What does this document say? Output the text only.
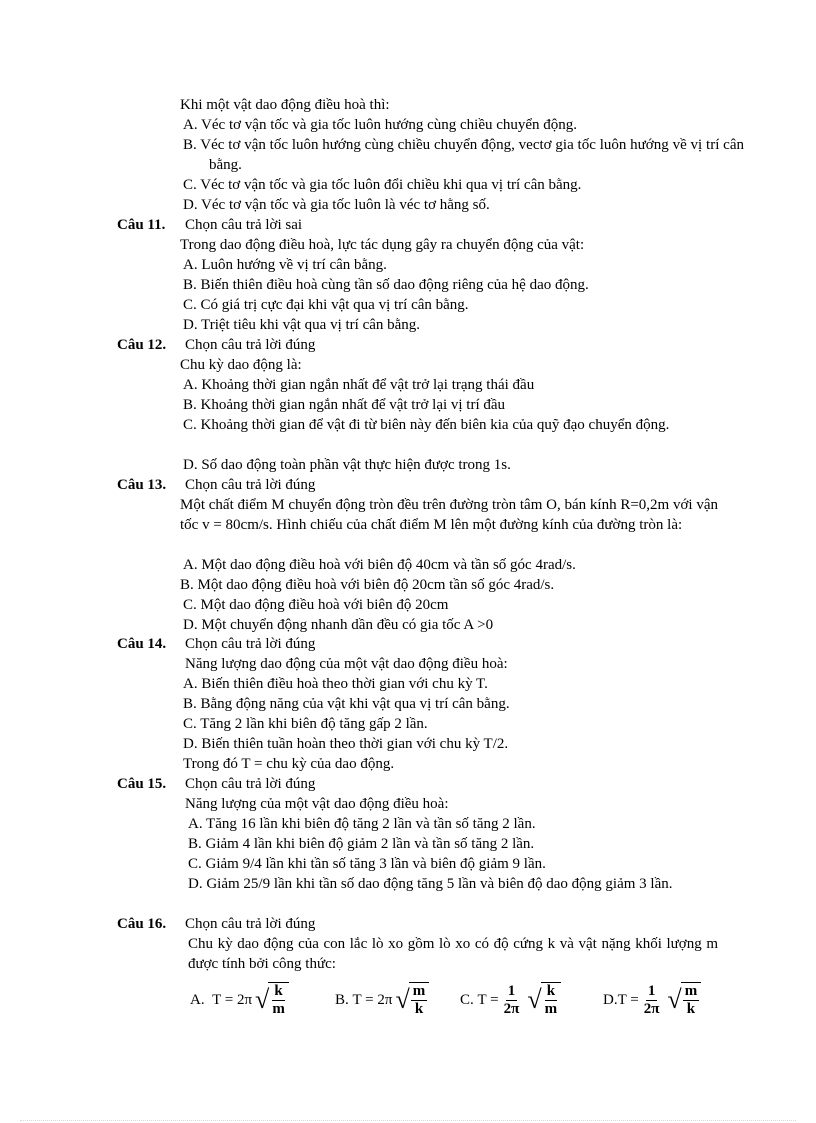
Khi một vật dao động điều hoà thì:
A. Véc tơ vận tốc và gia tốc luôn hướng cùng chiều chuyển động.
B. Véc tơ vận tốc luôn hướng cùng chiều chuyển động, vectơ gia tốc luôn hướng về vị trí cân bằng.
C. Véc tơ vận tốc và gia tốc luôn đổi chiều khi qua vị trí cân bằng.
D. Véc tơ vận tốc và gia tốc luôn là véc tơ hằng số.
Câu 11. Chọn câu trả lời sai
Trong dao động điều hoà, lực tác dụng gây ra chuyển động của vật:
A. Luôn hướng về vị trí cân bằng.
B. Biến thiên điều hoà cùng tần số dao động riêng của hệ dao động.
C. Có giá trị cực đại khi vật qua vị trí cân bằng.
D. Triệt tiêu khi vật qua vị trí cân bằng.
Câu 12. Chọn câu trả lời đúng
Chu kỳ dao động là:
A. Khoảng thời gian ngắn nhất để vật trở lại trạng thái đầu
B. Khoảng thời gian ngắn nhất để vật trở lại vị trí đầu
C. Khoảng thời gian để vật đi từ biên này đến biên kia của quỹ đạo chuyển động.
D. Số dao động toàn phần vật thực hiện được trong 1s.
Câu 13. Chọn câu trả lời đúng
Một chất điểm M chuyển động tròn đều trên đường tròn tâm O, bán kính R=0,2m với vận tốc v = 80cm/s. Hình chiếu của chất điểm M lên một đường kính của đường tròn là:
A. Một dao động điều hoà với biên độ 40cm và tần số góc 4rad/s.
B. Một dao động điều hoà với biên độ 20cm tần số góc 4rad/s.
C. Một dao động điều hoà với biên độ 20cm
D. Một chuyển động nhanh dần đều có gia tốc A >0
Câu 14. Chọn câu trả lời đúng
Năng lượng dao động của một vật dao động điều hoà:
A. Biến thiên điều hoà theo thời gian với chu kỳ T.
B. Bằng động năng của vật khi vật qua vị trí cân bằng.
C. Tăng 2 lần khi biên độ tăng gấp 2 lần.
D. Biến thiên tuần hoàn theo thời gian với chu kỳ T/2.
Trong đó T = chu kỳ của dao động.
Câu 15. Chọn câu trả lời đúng
Năng lượng của một vật dao động điều hoà:
A. Tăng 16 lần khi biên độ tăng 2 lần và tần số tăng 2 lần.
B. Giảm 4 lần khi biên độ giảm 2 lần và tần số tăng 2 lần.
C. Giảm 9/4 lần khi tần số tăng 3 lần và biên độ giảm 9 lần.
D. Giảm 25/9 lần khi tần số dao động tăng 5 lần và biên độ dao động giảm 3 lần.
Câu 16. Chọn câu trả lời đúng
Chu kỳ dao động của con lắc lò xo gồm lò xo có độ cứng k và vật nặng khối lượng m được tính bởi công thức:
A.
T = 2π √ $\frac{k}{m}$	B.
T = 2π √ $\frac{m}{k} C$.
$T = \frac{1}{2\pi}$ √ $\frac{k}{m}$	D. $T = \frac{1}{2\pi}$ √ $\frac{m}{k}$
